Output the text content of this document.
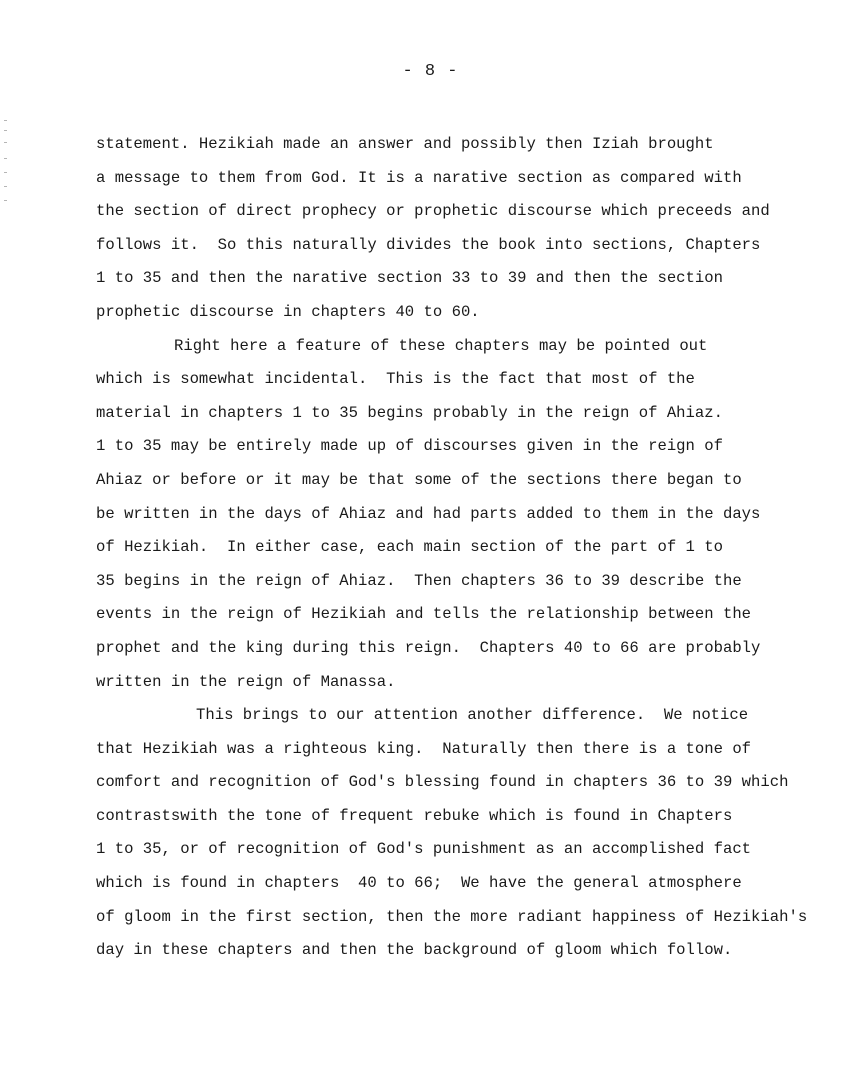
- 8 -
statement. Hezikiah made an answer and possibly then Iziah brought
a message to them from God. It is a narative section as compared with
the section of direct prophecy or prophetic discourse which preceeds and
follows it.  So this naturally divides the book into sections, Chapters
1 to 35 and then the narative section 33 to 39 and then the section
prophetic discourse in chapters 40 to 60.
Right here a feature of these chapters may be pointed out
which is somewhat incidental.  This is the fact that most of the
material in chapters 1 to 35 begins probably in the reign of Ahiaz.
1 to 35 may be entirely made up of discourses given in the reign of
Ahiaz or before or it may be that some of the sections there began to
be written in the days of Ahiaz and had parts added to them in the days
of Hezikiah.  In either case, each main section of the part of 1 to
35 begins in the reign of Ahiaz.  Then chapters 36 to 39 describe the
events in the reign of Hezikiah and tells the relationship between the
prophet and the king during this reign.  Chapters 40 to 66 are probably
written in the reign of Manassa.
This brings to our attention another difference.  We notice
that Hezikiah was a righteous king.  Naturally then there is a tone of
comfort and recognition of God's blessing found in chapters 36 to 39 which
contrastswith the tone of frequent rebuke which is found in Chapters
1 to 35, or of recognition of God's punishment as an accomplished fact
which is found in chapters  40 to 66;  We have the general atmosphere
of gloom in the first section, then the more radiant happiness of Hezikiah's
day in these chapters and then the background of gloom which follow.
